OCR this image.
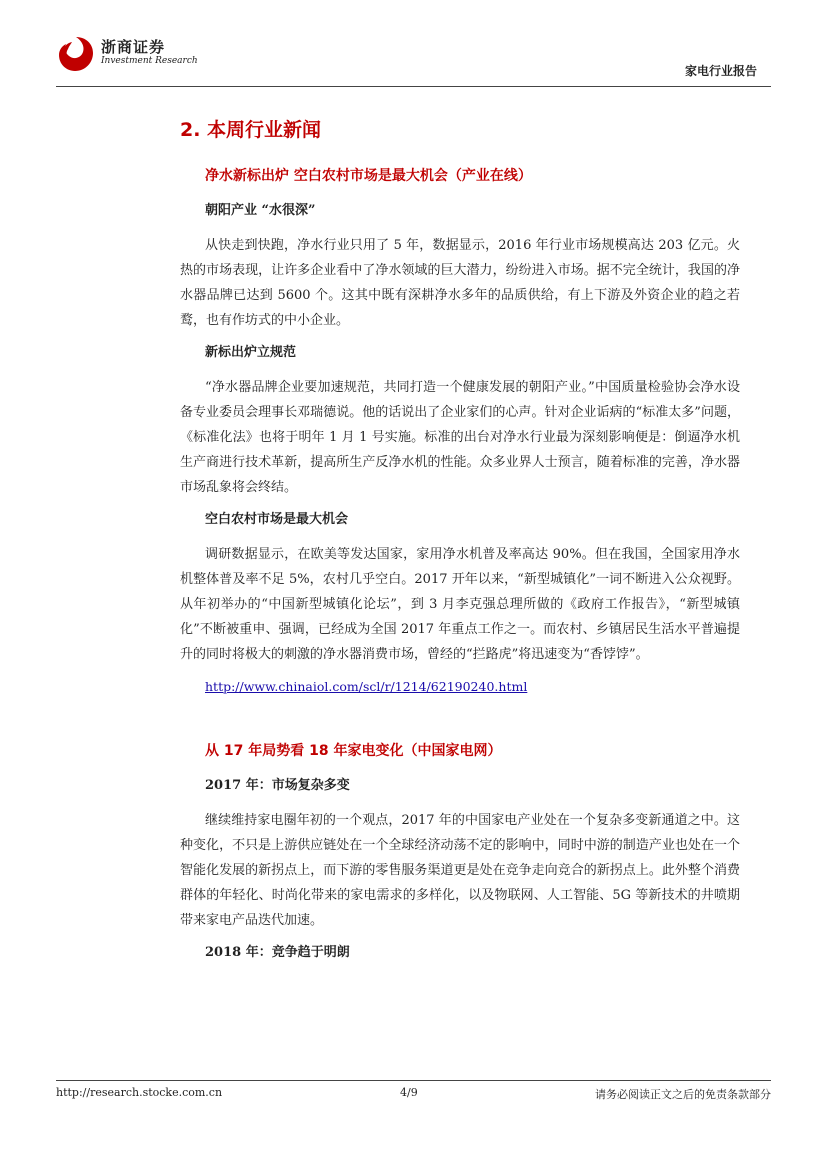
浙商证券
Investment Research
家电行业报告
2. 本周行业新闻
净水新标出炉 空白农村市场是最大机会（产业在线）
朝阳产业 “水很深”

从快走到快跑，净水行业只用了 5 年，数据显示，2016 年行业市场规模高达 203 亿元。火热的市场表现，让许多企业看中了净水领域的巨大潜力，纷纷进入市场。据不完全统计，我国的净水器品牌已达到 5600 个。这其中既有深耕净水多年的品质供给，有上下游及外资企业的趋之若鹜，也有作坊式的中小企业。

新标出炉立规范

“净水器品牌企业要加速规范，共同打造一个健康发展的朝阳产业。”中国质量检验协会净水设备专业委员会理事长邓瑞德说。他的话说出了企业家们的心声。针对企业诟病的“标准太多”问题，《标准化法》也将于明年 1 月 1 号实施。标准的出台对净水行业最为深刻影响便是：倒逼净水机生产商进行技术革新，提高所生产反净水机的性能。众多业界人士预言，随着标准的完善，净水器市场乱象将会终结。

空白农村市场是最大机会

调研数据显示，在欧美等发达国家，家用净水机普及率高达 90%。但在我国，全国家用净水机整体普及率不足 5%，农村几乎空白。2017 开年以来，“新型城镇化”一词不断进入公众视野。从年初举办的“中国新型城镇化论坛”，到 3 月李克强总理所做的《政府工作报告》，“新型城镇化”不断被重申、强调，已经成为全国 2017 年重点工作之一。而农村、乡镇居民生活水平普遍提升的同时将极大的刺激的净水器消费市场，曾经的“拦路虎”将迅速变为“香饽饽”。

http://www.chinaiol.com/scl/r/1214/62190240.html
从 17 年局势看 18 年家电变化（中国家电网）
2017 年：市场复杂多变

继续维持家电圈年初的一个观点，2017 年的中国家电产业处在一个复杂多变新通道之中。这种变化，不只是上游供应链处在一个全球经济动荡不定的影响中，同时中游的制造产业也处在一个智能化发展的新拐点上，而下游的零售服务渠道更是处在竞争走向竞合的新拐点上。此外整个消费群体的年轻化、时尚化带来的家电需求的多样化，以及物联网、人工智能、5G 等新技术的井喷期带来家电产品迭代加速。

2018 年：竞争趋于明朗
http://research.stocke.com.cn	4/9	请务必阅读正文之后的免责条款部分
